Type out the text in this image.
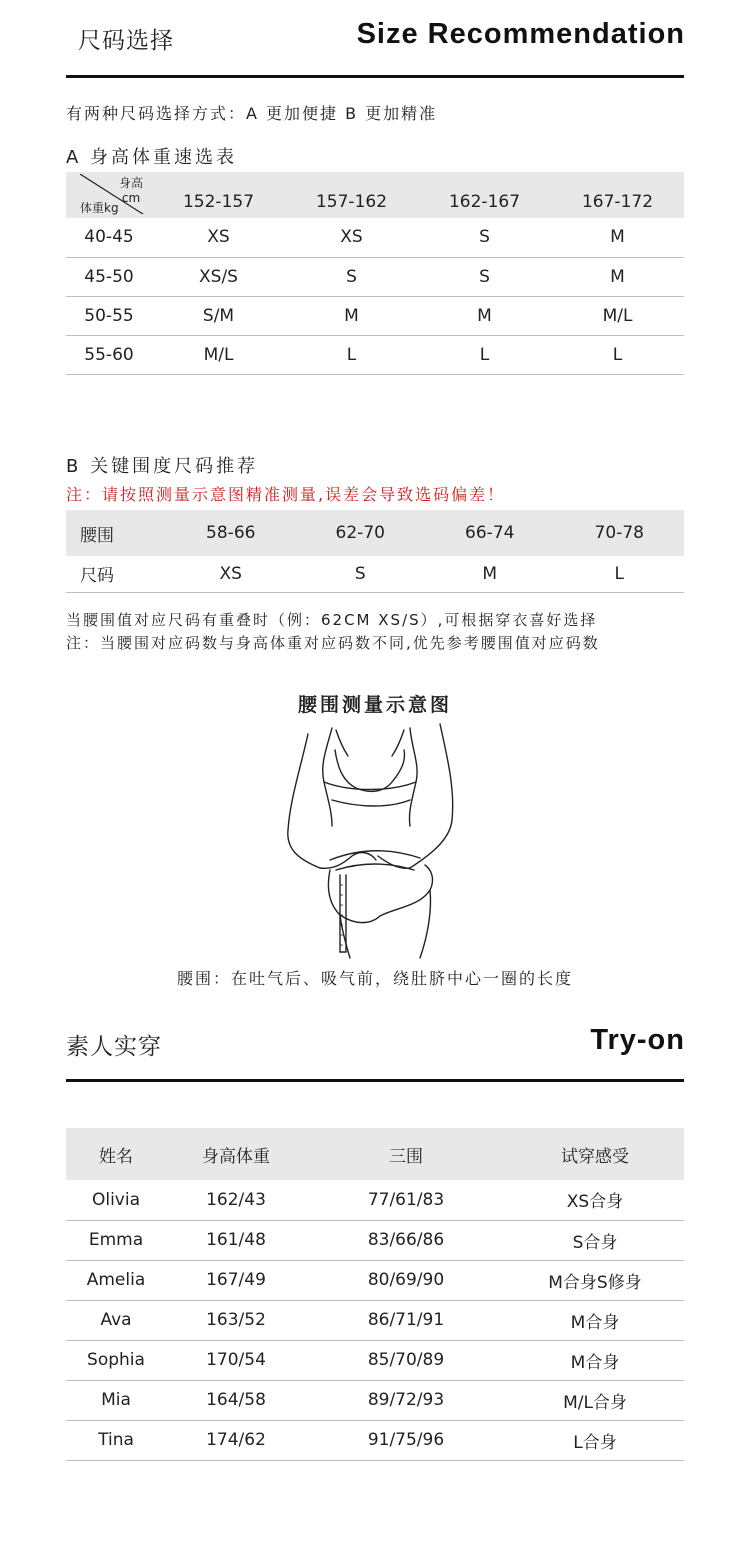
尺码选择	Size Recommendation
有两种尺码选择方式：A 更加便捷 B 更加精准
A 身高体重速选表
身高cm
体重kg	152-157	157-162	162-167	167-172
40-45	XS	XS	S	M
45-50	XS/S	S	S	M
50-55	S/M	M	M	M/L
55-60	M/L	L	L	L
B 关键围度尺码推荐
注：请按照测量示意图精准测量,误差会导致选码偏差！
腰围	58-66	62-70	66-74	70-78
尺码	XS	S	M	L
当腰围值对应尺码有重叠时（例：62CM XS/S）,可根据穿衣喜好选择
注：当腰围对应码数与身高体重对应码数不同,优先参考腰围值对应码数
腰围测量示意图
腰围：在吐气后、吸气前，绕肚脐中心一圈的长度
素人实穿	Try-on
姓名	身高体重	三围	试穿感受
Olivia	162/43	77/61/83	XS合身
Emma	161/48	83/66/86	S合身
Amelia	167/49	80/69/90	M合身S修身
Ava	163/52	86/71/91	M合身
Sophia	170/54	85/70/89	M合身
Mia	164/58	89/72/93	M/L合身
Tina	174/62	91/75/96	L合身
